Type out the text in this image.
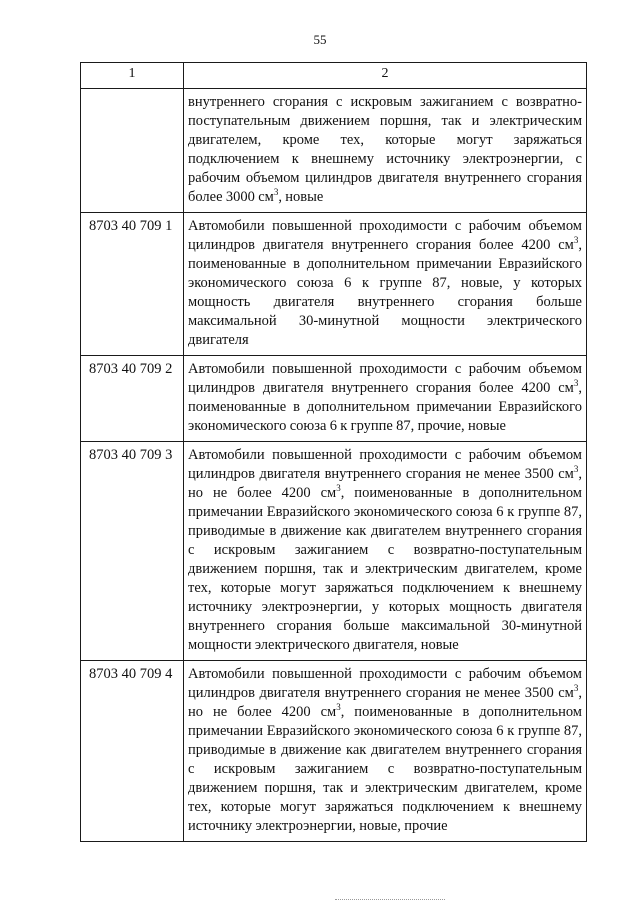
55
1	2
	внутреннего сгорания с искровым зажиганием с возвратно-поступательным движением поршня, так и электрическим двигателем, кроме тех, которые могут заряжаться подключением к внешнему источнику электроэнергии, с рабочим объемом цилиндров двигателя внутреннего сгорания более 3000 $см^3$, новые
8703 40 709 1	Автомобили повышенной проходимости с рабочим объемом цилиндров двигателя внутреннего сгорания более 4200 $см^3$, поименованные в дополнительном примечании Евразийского экономического союза 6 к группе 87, новые, у которых мощность двигателя внутреннего сгорания больше максимальной 30-минутной мощности электрического двигателя
8703 40 709 2	Автомобили повышенной проходимости с рабочим объемом цилиндров двигателя внутреннего сгорания более 4200 $см^3$, поименованные в дополнительном примечании Евразийского экономического союза 6 к группе 87, прочие, новые
8703 40 709 3	Автомобили повышенной проходимости с рабочим объемом цилиндров двигателя внутреннего сгорания не менее 3500 $см^3$, но не более 4200 $см^3$, поименованные в дополнительном примечании Евразийского экономического союза 6 к группе 87, приводимые в движение как двигателем внутреннего сгорания с искровым зажиганием с возвратно-поступательным движением поршня, так и электрическим двигателем, кроме тех, которые могут заряжаться подключением к внешнему источнику электроэнергии, у которых мощность двигателя внутреннего сгорания больше максимальной 30-минутной мощности электрического двигателя, новые
8703 40 709 4	Автомобили повышенной проходимости с рабочим объемом цилиндров двигателя внутреннего сгорания не менее 3500 $см^3$, но не более 4200 $см^3$, поименованные в дополнительном примечании Евразийского экономического союза 6 к группе 87, приводимые в движение как двигателем внутреннего сгорания с искровым зажиганием с возвратно-поступательным движением поршня, так и электрическим двигателем, кроме тех, которые могут заряжаться подключением к внешнему источнику электроэнергии, новые, прочие
